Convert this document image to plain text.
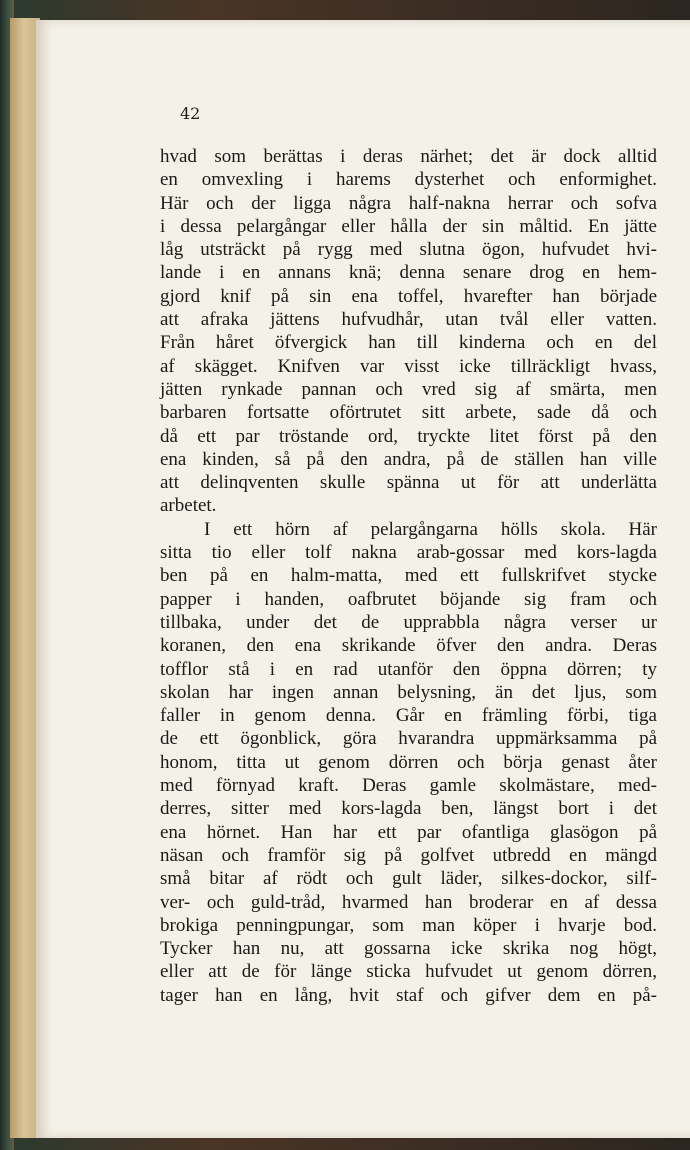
42
hvad som berättas i deras närhet; det är dock alltid
en omvexling i harems dysterhet och enformighet.
Här och der ligga några half-nakna herrar och sofva
i dessa pelargångar eller hålla der sin måltid. En jätte
låg utsträckt på rygg med slutna ögon, hufvudet hvi-
lande i en annans knä; denna senare drog en hem-
gjord knif på sin ena toffel, hvarefter han började
att afraka jättens hufvudhår, utan tvål eller vatten.
Från håret öfvergick han till kinderna och en del
af skägget. Knifven var visst icke tillräckligt hvass,
jätten rynkade pannan och vred sig af smärta, men
barbaren fortsatte oförtrutet sitt arbete, sade då och
då ett par tröstande ord, tryckte litet först på den
ena kinden, så på den andra, på de ställen han ville
att delinqventen skulle spänna ut för att underlätta
arbetet.
I ett hörn af pelargångarna hölls skola. Här
sitta tio eller tolf nakna arab-gossar med kors-lagda
ben på en halm-matta, med ett fullskrifvet stycke
papper i handen, oafbrutet böjande sig fram och
tillbaka, under det de upprabbla några verser ur
koranen, den ena skrikande öfver den andra. Deras
tofflor stå i en rad utanför den öppna dörren; ty
skolan har ingen annan belysning, än det ljus, som
faller in genom denna. Går en främling förbi, tiga
de ett ögonblick, göra hvarandra uppmärksamma på
honom, titta ut genom dörren och börja genast åter
med förnyad kraft. Deras gamle skolmästare, med-
derres, sitter med kors-lagda ben, längst bort i det
ena hörnet. Han har ett par ofantliga glasögon på
näsan och framför sig på golfvet utbredd en mängd
små bitar af rödt och gult läder, silkes-dockor, silf-
ver- och guld-tråd, hvarmed han broderar en af dessa
brokiga penningpungar, som man köper i hvarje bod.
Tycker han nu, att gossarna icke skrika nog högt,
eller att de för länge sticka hufvudet ut genom dörren,
tager han en lång, hvit staf och gifver dem en på-
